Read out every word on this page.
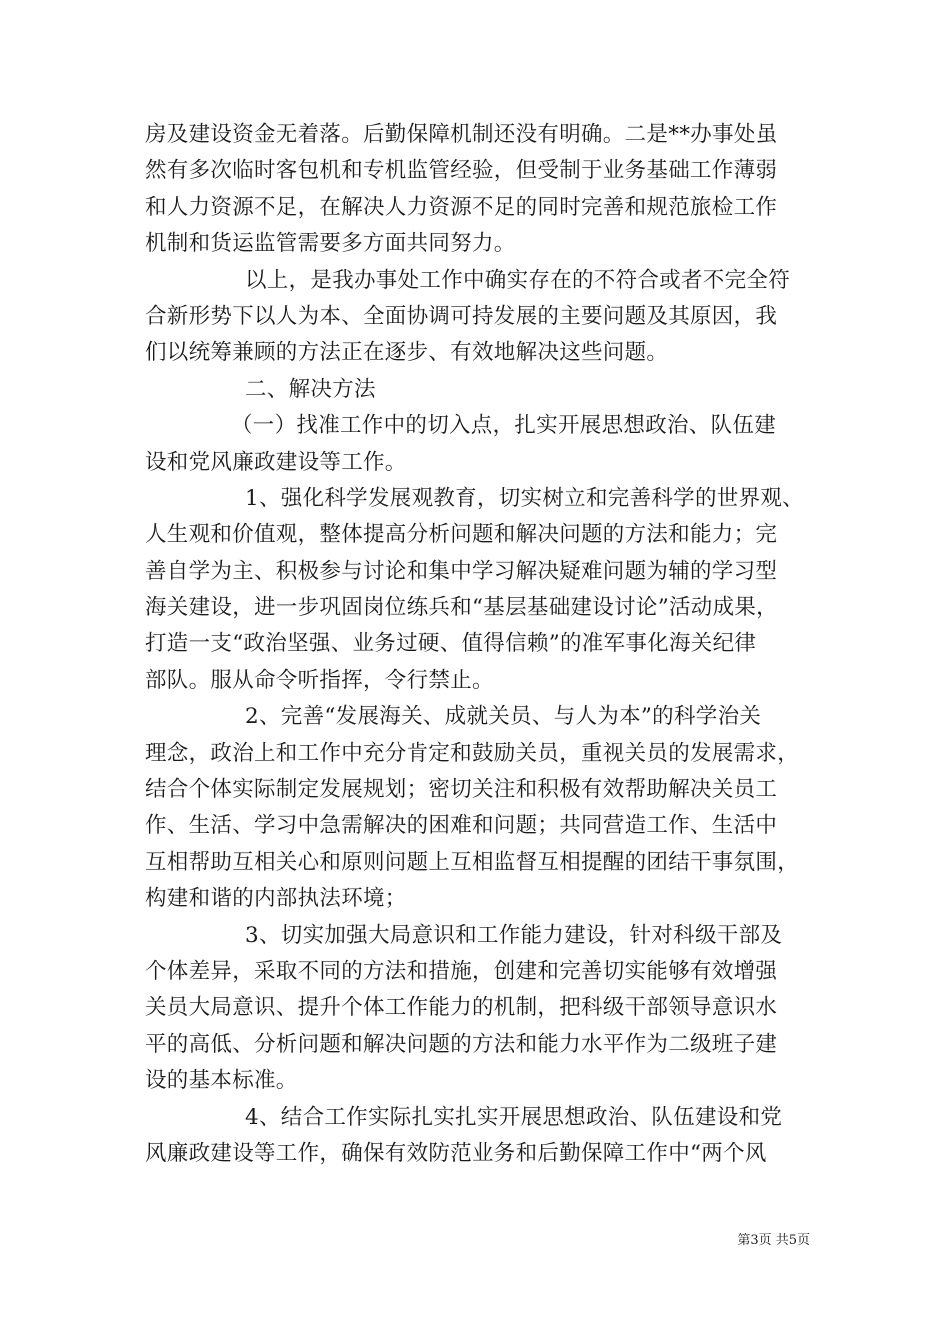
房及建设资金无着落。后勤保障机制还没有明确。二是**办事处虽
然有多次临时客包机和专机监管经验，但受制于业务基础工作薄弱
和人力资源不足，在解决人力资源不足的同时完善和规范旅检工作
机制和货运监管需要多方面共同努力。
以上，是我办事处工作中确实存在的不符合或者不完全符
合新形势下以人为本、全面协调可持发展的主要问题及其原因，我
们以统筹兼顾的方法正在逐步、有效地解决这些问题。
二、解决方法
（一）找准工作中的切入点，扎实开展思想政治、队伍建
设和党风廉政建设等工作。
1、强化科学发展观教育，切实树立和完善科学的世界观、
人生观和价值观，整体提高分析问题和解决问题的方法和能力；完
善自学为主、积极参与讨论和集中学习解决疑难问题为辅的学习型
海关建设，进一步巩固岗位练兵和“基层基础建设讨论”活动成果，
打造一支“政治坚强、业务过硬、值得信赖”的准军事化海关纪律
部队。服从命令听指挥，令行禁止。
2、完善“发展海关、成就关员、与人为本”的科学治关
理念，政治上和工作中充分肯定和鼓励关员，重视关员的发展需求，
结合个体实际制定发展规划；密切关注和积极有效帮助解决关员工
作、生活、学习中急需解决的困难和问题；共同营造工作、生活中
互相帮助互相关心和原则问题上互相监督互相提醒的团结干事氛围，
构建和谐的内部执法环境；
3、切实加强大局意识和工作能力建设，针对科级干部及
个体差异，采取不同的方法和措施，创建和完善切实能够有效增强
关员大局意识、提升个体工作能力的机制，把科级干部领导意识水
平的高低、分析问题和解决问题的方法和能力水平作为二级班子建
设的基本标准。
4、结合工作实际扎实扎实开展思想政治、队伍建设和党
风廉政建设等工作，确保有效防范业务和后勤保障工作中“两个风
第3页 共5页
